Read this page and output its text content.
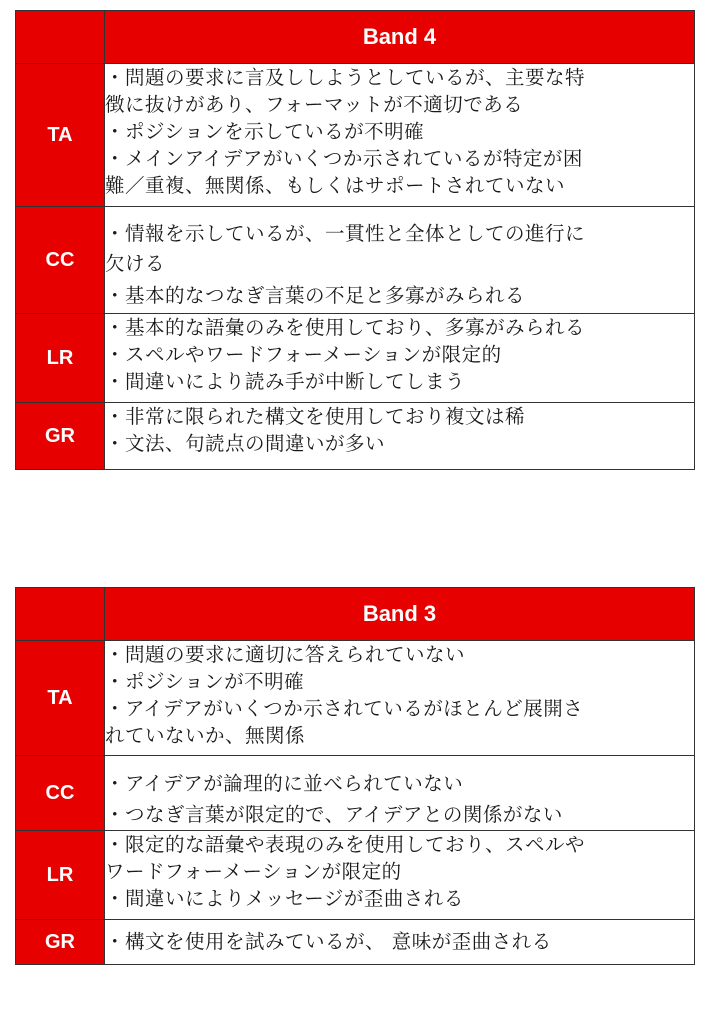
	Band 4
TA	・問題の要求に言及ししようとしているが、主要な特
徴に抜けがあり、フォーマットが不適切である
・ポジションを示しているが不明確
・メインアイデアがいくつか示されているが特定が困
難／重複、無関係、もしくはサポートされていない

CC	・情報を示しているが、一貫性と全体としての進行に
欠ける
・基本的なつなぎ言葉の不足と多寡がみられる

LR	・基本的な語彙のみを使用しており、多寡がみられる
・スペルやワードフォーメーションが限定的
・間違いにより読み手が中断してしまう

GR	・非常に限られた構文を使用しており複文は稀
・文法、句読点の間違いが多い
	Band 3
TA	・問題の要求に適切に答えられていない
・ポジションが不明確
・アイデアがいくつか示されているがほとんど展開さ
れていないか、無関係

CC	・アイデアが論理的に並べられていない
・つなぎ言葉が限定的で、アイデアとの関係がない

LR	・限定的な語彙や表現のみを使用しており、スペルや
ワードフォーメーションが限定的
・間違いによりメッセージが歪曲される

GR	・構文を使用を試みているが、 意味が歪曲される
